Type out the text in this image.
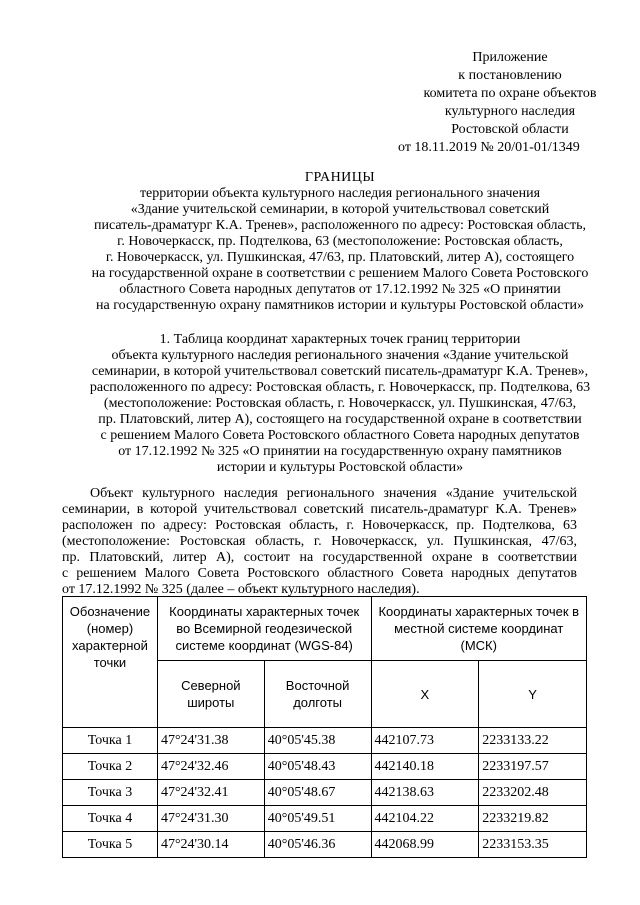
Приложение
к постановлению
комитета по охране объектов
культурного наследия
Ростовской области
от 18.11.2019 № 20/01-01/1349
ГРАНИЦЫ
территории объекта культурного наследия регионального значения
«Здание учительской семинарии, в которой учительствовал советский
писатель-драматург К.А. Тренев», расположенного по адресу: Ростовская область,
г. Новочеркасск, пр. Подтелкова, 63 (местоположение: Ростовская область,
г. Новочеркасск, ул. Пушкинская, 47/63, пр. Платовский, литер А), состоящего
на государственной охране в соответствии с решением Малого Совета Ростовского
областного Совета народных депутатов от 17.12.1992 № 325 «О принятии
на государственную охрану памятников истории и культуры Ростовской области»
1. Таблица координат характерных точек границ территории
объекта культурного наследия регионального значения «Здание учительской
семинарии, в которой учительствовал советский писатель-драматург К.А. Тренев»,
расположенного по адресу: Ростовская область, г. Новочеркасск, пр. Подтелкова, 63
(местоположение: Ростовская область, г. Новочеркасск, ул. Пушкинская, 47/63,
пр. Платовский, литер А), состоящего на государственной охране в соответствии
с решением Малого Совета Ростовского областного Совета народных депутатов
от 17.12.1992 № 325 «О принятии на государственную охрану памятников
истории и культуры Ростовской области»
Объект культурного наследия регионального значения «Здание учительской
семинарии, в которой учительствовал советский писатель-драматург К.А. Тренев»
расположен по адресу: Ростовская область, г. Новочеркасск, пр. Подтелкова, 63
(местоположение: Ростовская область, г. Новочеркасск, ул. Пушкинская, 47/63,
пр. Платовский, литер А), состоит на государственной охране в соответствии
с решением Малого Совета Ростовского областного Совета народных депутатов
от 17.12.1992 № 325 (далее – объект культурного наследия).
Обозначение (номер) характерной точки	Координаты характерных точек во Всемирной геодезической системе координат (WGS-84)		Координаты характерных точек в местной системе координат (МСК)	
	Северной широты	Восточной долготы	X	Y
Точка 1	47°24'31.38	40°05'45.38	442107.73	2233133.22
Точка 2	47°24'32.46	40°05'48.43	442140.18	2233197.57
Точка 3	47°24'32.41	40°05'48.67	442138.63	2233202.48
Точка 4	47°24'31.30	40°05'49.51	442104.22	2233219.82
Точка 5	47°24'30.14	40°05'46.36	442068.99	2233153.35
